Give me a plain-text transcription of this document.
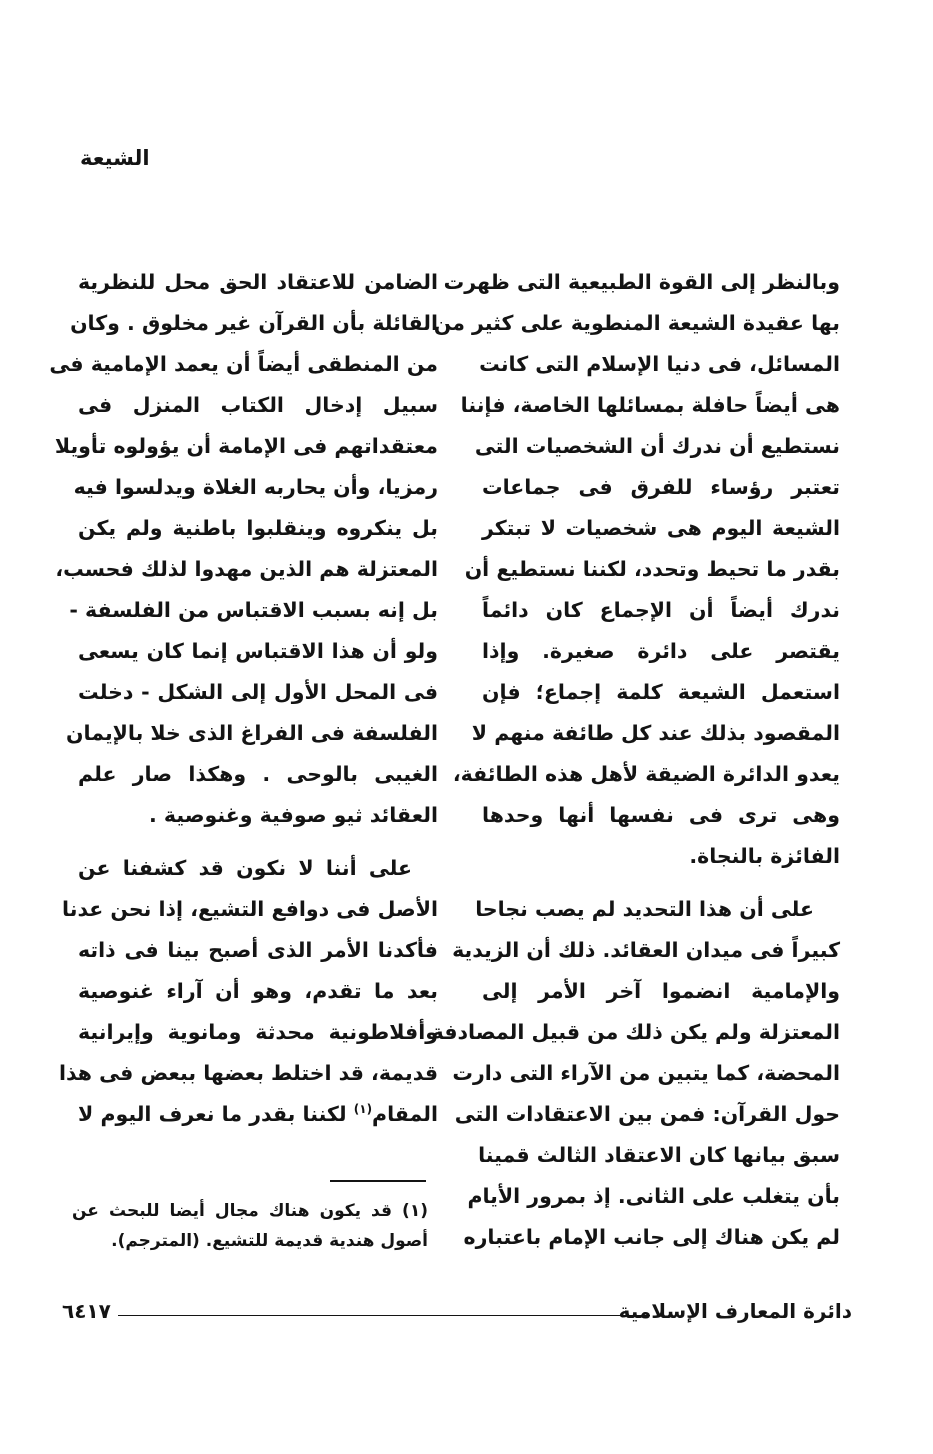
الشيعة
وبالنظر إلى القوة الطبيعية التى ظهرت
بها عقيدة الشيعة المنطوية على كثير من
المسائل، فى دنيا الإسلام التى كانت
هى أيضاً حافلة بمسائلها الخاصة، فإننا
نستطيع أن ندرك أن الشخصيات التى
تعتبر رؤساء للفرق فى جماعات
الشيعة اليوم هى شخصيات لا تبتكر
بقدر ما تحيط وتحدد، لكننا نستطيع أن
ندرك أيضاً أن الإجماع كان دائماً
يقتصر على دائرة صغيرة. وإذا
استعمل الشيعة كلمة إجماع؛ فإن
المقصود بذلك عند كل طائفة منهم لا
يعدو الدائرة الضيقة لأهل هذه الطائفة،
وهى ترى فى نفسها أنها وحدها
الفائزة بالنجاة.
على أن هذا التحديد لم يصب نجاحا
كبيراً فى ميدان العقائد. ذلك أن الزيدية
والإمامية انضموا آخر الأمر إلى
المعتزلة ولم يكن ذلك من قبيل المصادفة
المحضة، كما يتبين من الآراء التى دارت
حول القرآن: فمن بين الاعتقادات التى
سبق بيانها كان الاعتقاد الثالث قمينا
بأن يتغلب على الثانى. إذ بمرور الأيام
لم يكن هناك إلى جانب الإمام باعتباره
الضامن للاعتقاد الحق محل للنظرية
القائلة بأن القرآن غير مخلوق . وكان
من المنطقى أيضاً أن يعمد الإمامية فى
سبيل إدخال الكتاب المنزل فى
معتقداتهم فى الإمامة أن يؤولوه تأويلا
رمزيا، وأن يحاربه الغلاة ويدلسوا فيه
بل ينكروه وينقلبوا باطنية ولم يكن
المعتزلة هم الذين مهدوا لذلك فحسب،
بل إنه بسبب الاقتباس من الفلسفة -
ولو أن هذا الاقتباس إنما كان يسعى
فى المحل الأول إلى الشكل - دخلت
الفلسفة فى الفراغ الذى خلا بالإيمان
الغيبى بالوحى . وهكذا صار علم
العقائد ثيو صوفية وغنوصية .
على أننا لا نكون قد كشفنا عن
الأصل فى دوافع التشيع، إذا نحن عدنا
فأكدنا الأمر الذى أصبح بينا فى ذاته
بعد ما تقدم، وهو أن آراء غنوصية
وأفلاطونية محدثة ومانوية وإيرانية
قديمة، قد اختلط بعضها ببعض فى هذا
المقام$^{(١)}$ لكننا بقدر ما نعرف اليوم لا
(١) قد يكون هناك مجال أيضا للبحث عن
أصول هندية قديمة للتشيع. (المترجم).
دائرة المعارف الإسلامية
٦٤١٧
